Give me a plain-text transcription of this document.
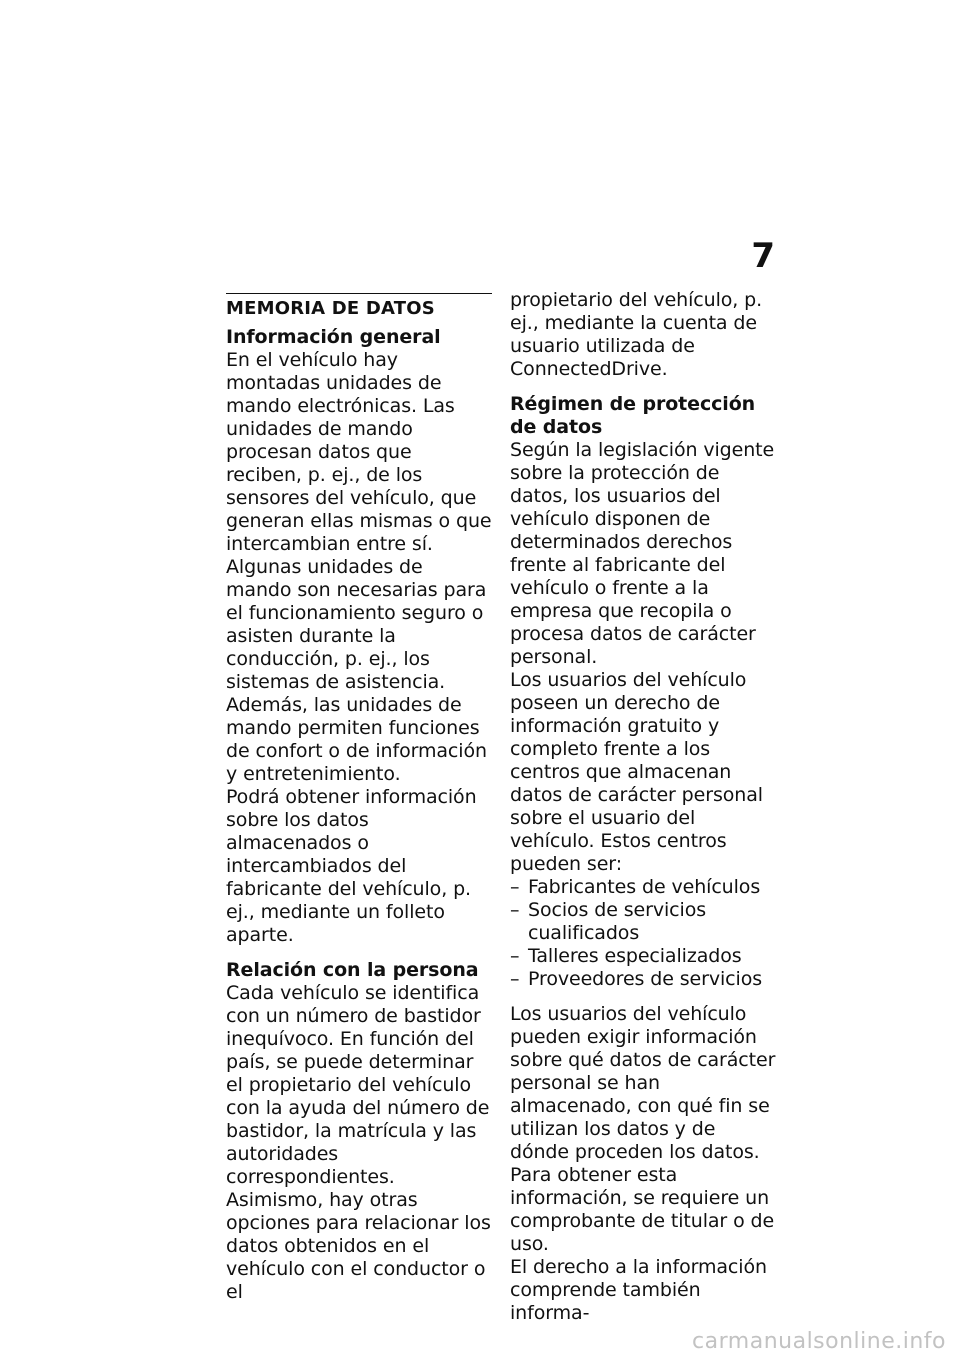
7
MEMORIA DE DATOS

Información general

En el vehículo hay montadas unidades de mando electrónicas. Las unidades de mando procesan datos que reciben, p. ej., de los sensores del vehículo, que generan ellas mismas o que intercambian entre sí. Algunas unidades de mando son necesarias para el funcionamiento seguro o asisten durante la conducción, p. ej., los sistemas de asistencia. Además, las unidades de mando permiten funciones de confort o de información y entretenimiento.

Podrá obtener información sobre los datos almacenados o intercambiados del fabricante del vehículo, p. ej., mediante un folleto aparte.

Relación con la persona

Cada vehículo se identifica con un número de bastidor inequívoco. En función del país, se puede determinar el propietario del vehículo con la ayuda del número de bastidor, la matrícula y las autoridades correspondientes. Asimismo, hay otras opciones para relacionar los datos obtenidos en el vehículo con el conductor o el

propietario del vehículo, p. ej., mediante la cuenta de usuario utilizada de ConnectedDrive.

Régimen de protección de datos

Según la legislación vigente sobre la protección de datos, los usuarios del vehículo disponen de determinados derechos frente al fabricante del vehículo o frente a la empresa que recopila o procesa datos de carácter personal.

Los usuarios del vehículo poseen un derecho de información gratuito y completo frente a los centros que almacenan datos de carácter personal sobre el usuario del vehículo. Estos centros pueden ser:

– Fabricantes de vehículos
– Socios de servicios cualificados
– Talleres especializados
– Proveedores de servicios

Los usuarios del vehículo pueden exigir información sobre qué datos de carácter personal se han almacenado, con qué fin se utilizan los datos y de dónde proceden los datos. Para obtener esta información, se requiere un comprobante de titular o de uso.

El derecho a la información comprende también informa-

carmanualsonline.info
